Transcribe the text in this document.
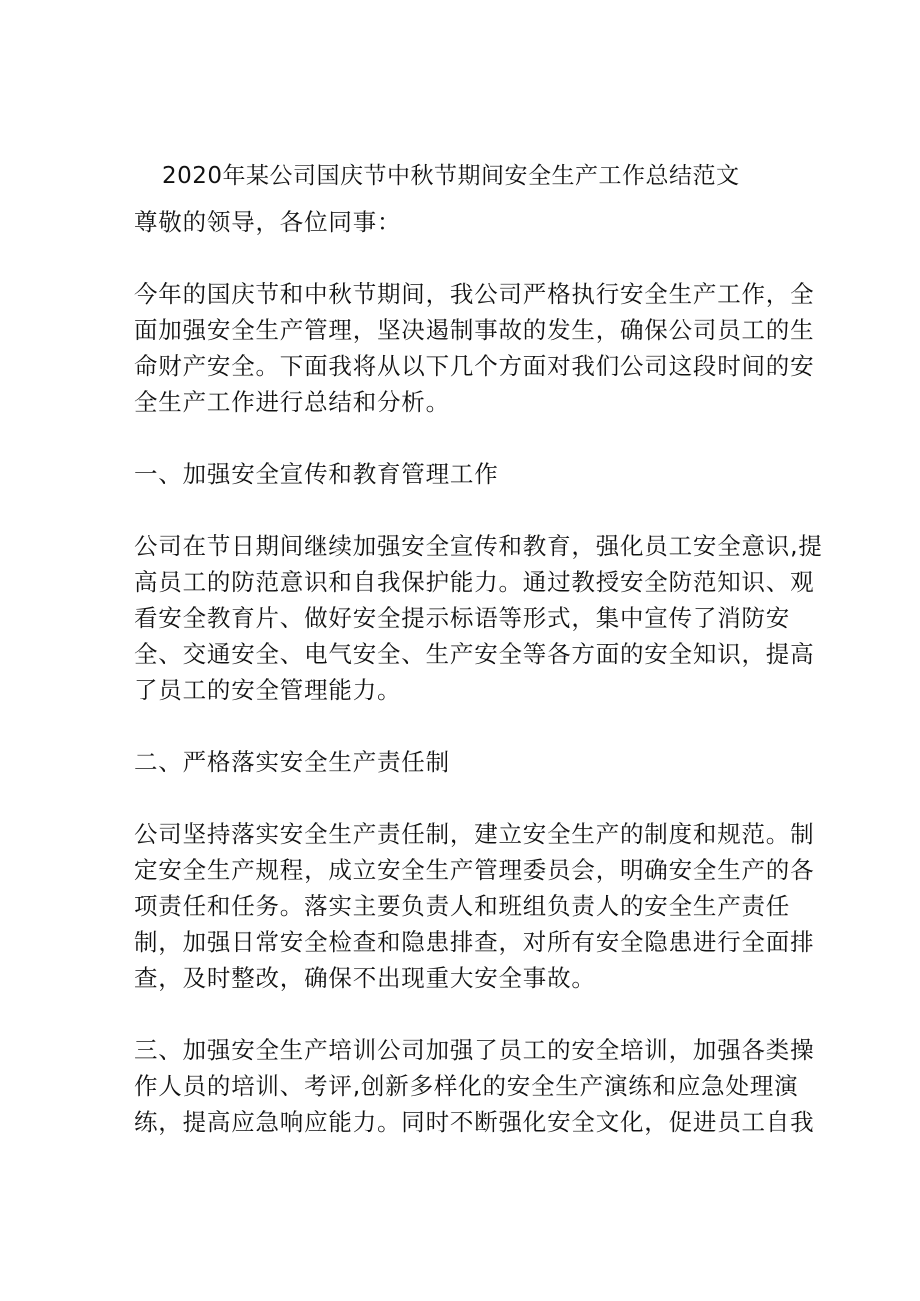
2020年某公司国庆节中秋节期间安全生产工作总结范文
尊敬的领导，各位同事：
今年的国庆节和中秋节期间，我公司严格执行安全生产工作，全
面加强安全生产管理，坚决遏制事故的发生，确保公司员工的生
命财产安全。下面我将从以下几个方面对我们公司这段时间的安
全生产工作进行总结和分析。
一、加强安全宣传和教育管理工作
公司在节日期间继续加强安全宣传和教育，强化员工安全意识,提
高员工的防范意识和自我保护能力。通过教授安全防范知识、观
看安全教育片、做好安全提示标语等形式，集中宣传了消防安
全、交通安全、电气安全、生产安全等各方面的安全知识，提高
了员工的安全管理能力。
二、严格落实安全生产责任制
公司坚持落实安全生产责任制，建立安全生产的制度和规范。制
定安全生产规程，成立安全生产管理委员会，明确安全生产的各
项责任和任务。落实主要负责人和班组负责人的安全生产责任
制，加强日常安全检查和隐患排查，对所有安全隐患进行全面排
查，及时整改，确保不出现重大安全事故。
三、加强安全生产培训公司加强了员工的安全培训，加强各类操
作人员的培训、考评,创新多样化的安全生产演练和应急处理演
练，提高应急响应能力。同时不断强化安全文化，促进员工自我
